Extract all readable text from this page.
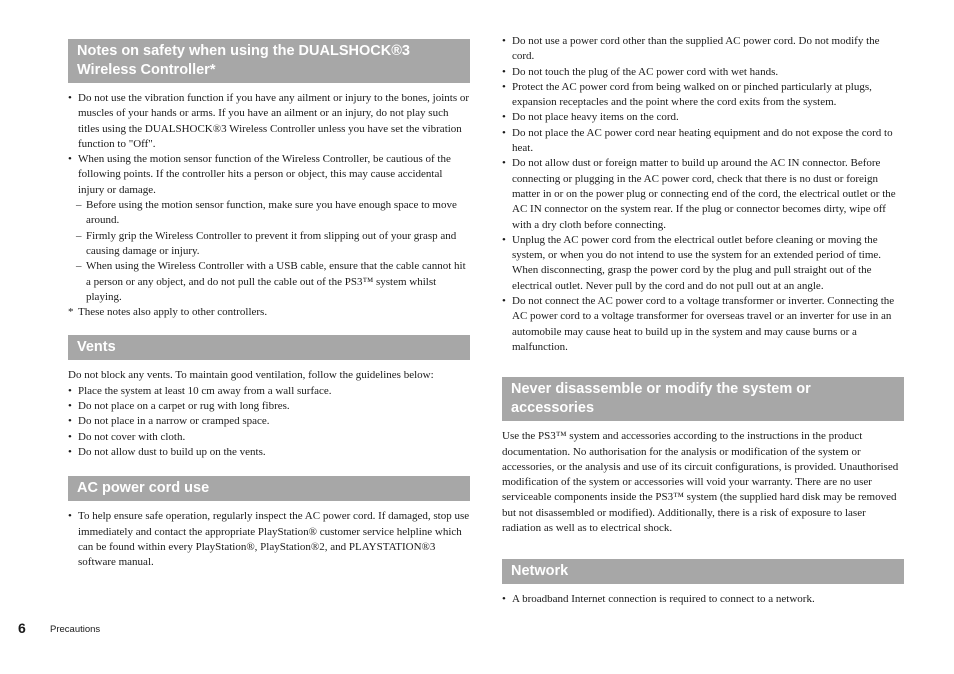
Notes on safety when using the DUALSHOCK®3 Wireless Controller*
• Do not use the vibration function if you have any ailment or injury to the bones, joints or muscles of your hands or arms. If you have an ailment or an injury, do not play such titles using the DUALSHOCK®3 Wireless Controller unless you have set the vibration function to "Off".
• When using the motion sensor function of the Wireless Controller, be cautious of the following points. If the controller hits a person or object, this may cause accidental injury or damage.
– Before using the motion sensor function, make sure you have enough space to move around.
– Firmly grip the Wireless Controller to prevent it from slipping out of your grasp and causing damage or injury.
– When using the Wireless Controller with a USB cable, ensure that the cable cannot hit a person or any object, and do not pull the cable out of the PS3™ system whilst playing.
* These notes also apply to other controllers.
Vents

Do not block any vents. To maintain good ventilation, follow the guidelines below:

• Place the system at least 10 cm away from a wall surface.
• Do not place on a carpet or rug with long fibres.
• Do not place in a narrow or cramped space.
• Do not cover with cloth.
• Do not allow dust to build up on the vents.
AC power cord use
• To help ensure safe operation, regularly inspect the AC power cord. If damaged, stop use immediately and contact the appropriate PlayStation® customer service helpline which can be found within every PlayStation®, PlayStation®2, and PLAYSTATION®3 software manual.
• Do not use a power cord other than the supplied AC power cord. Do not modify the cord.
• Do not touch the plug of the AC power cord with wet hands.
• Protect the AC power cord from being walked on or pinched particularly at plugs, expansion receptacles and the point where the cord exits from the system.
• Do not place heavy items on the cord.
• Do not place the AC power cord near heating equipment and do not expose the cord to heat.
• Do not allow dust or foreign matter to build up around the AC IN connector. Before connecting or plugging in the AC power cord, check that there is no dust or foreign matter in or on the power plug or connecting end of the cord, the electrical outlet or the AC IN connector on the system rear. If the plug or connector becomes dirty, wipe off with a dry cloth before connecting.
• Unplug the AC power cord from the electrical outlet before cleaning or moving the system, or when you do not intend to use the system for an extended period of time. When disconnecting, grasp the power cord by the plug and pull straight out of the electrical outlet. Never pull by the cord and do not pull out at an angle.
• Do not connect the AC power cord to a voltage transformer or inverter. Connecting the AC power cord to a voltage transformer for overseas travel or an inverter for use in an automobile may cause heat to build up in the system and may cause burns or a malfunction.
Never disassemble or modify the system or accessories

Use the PS3™ system and accessories according to the instructions in the product documentation. No authorisation for the analysis or modification of the system or accessories, or the analysis and use of its circuit configurations, is provided. Unauthorised modification of the system or accessories will void your warranty. There are no user serviceable components inside the PS3™ system (the supplied hard disk may be removed but not disassembled or modified). Additionally, there is a risk of exposure to laser radiation as well as to electrical shock.

Network
• A broadband Internet connection is required to connect to a network.
6	Precautions
